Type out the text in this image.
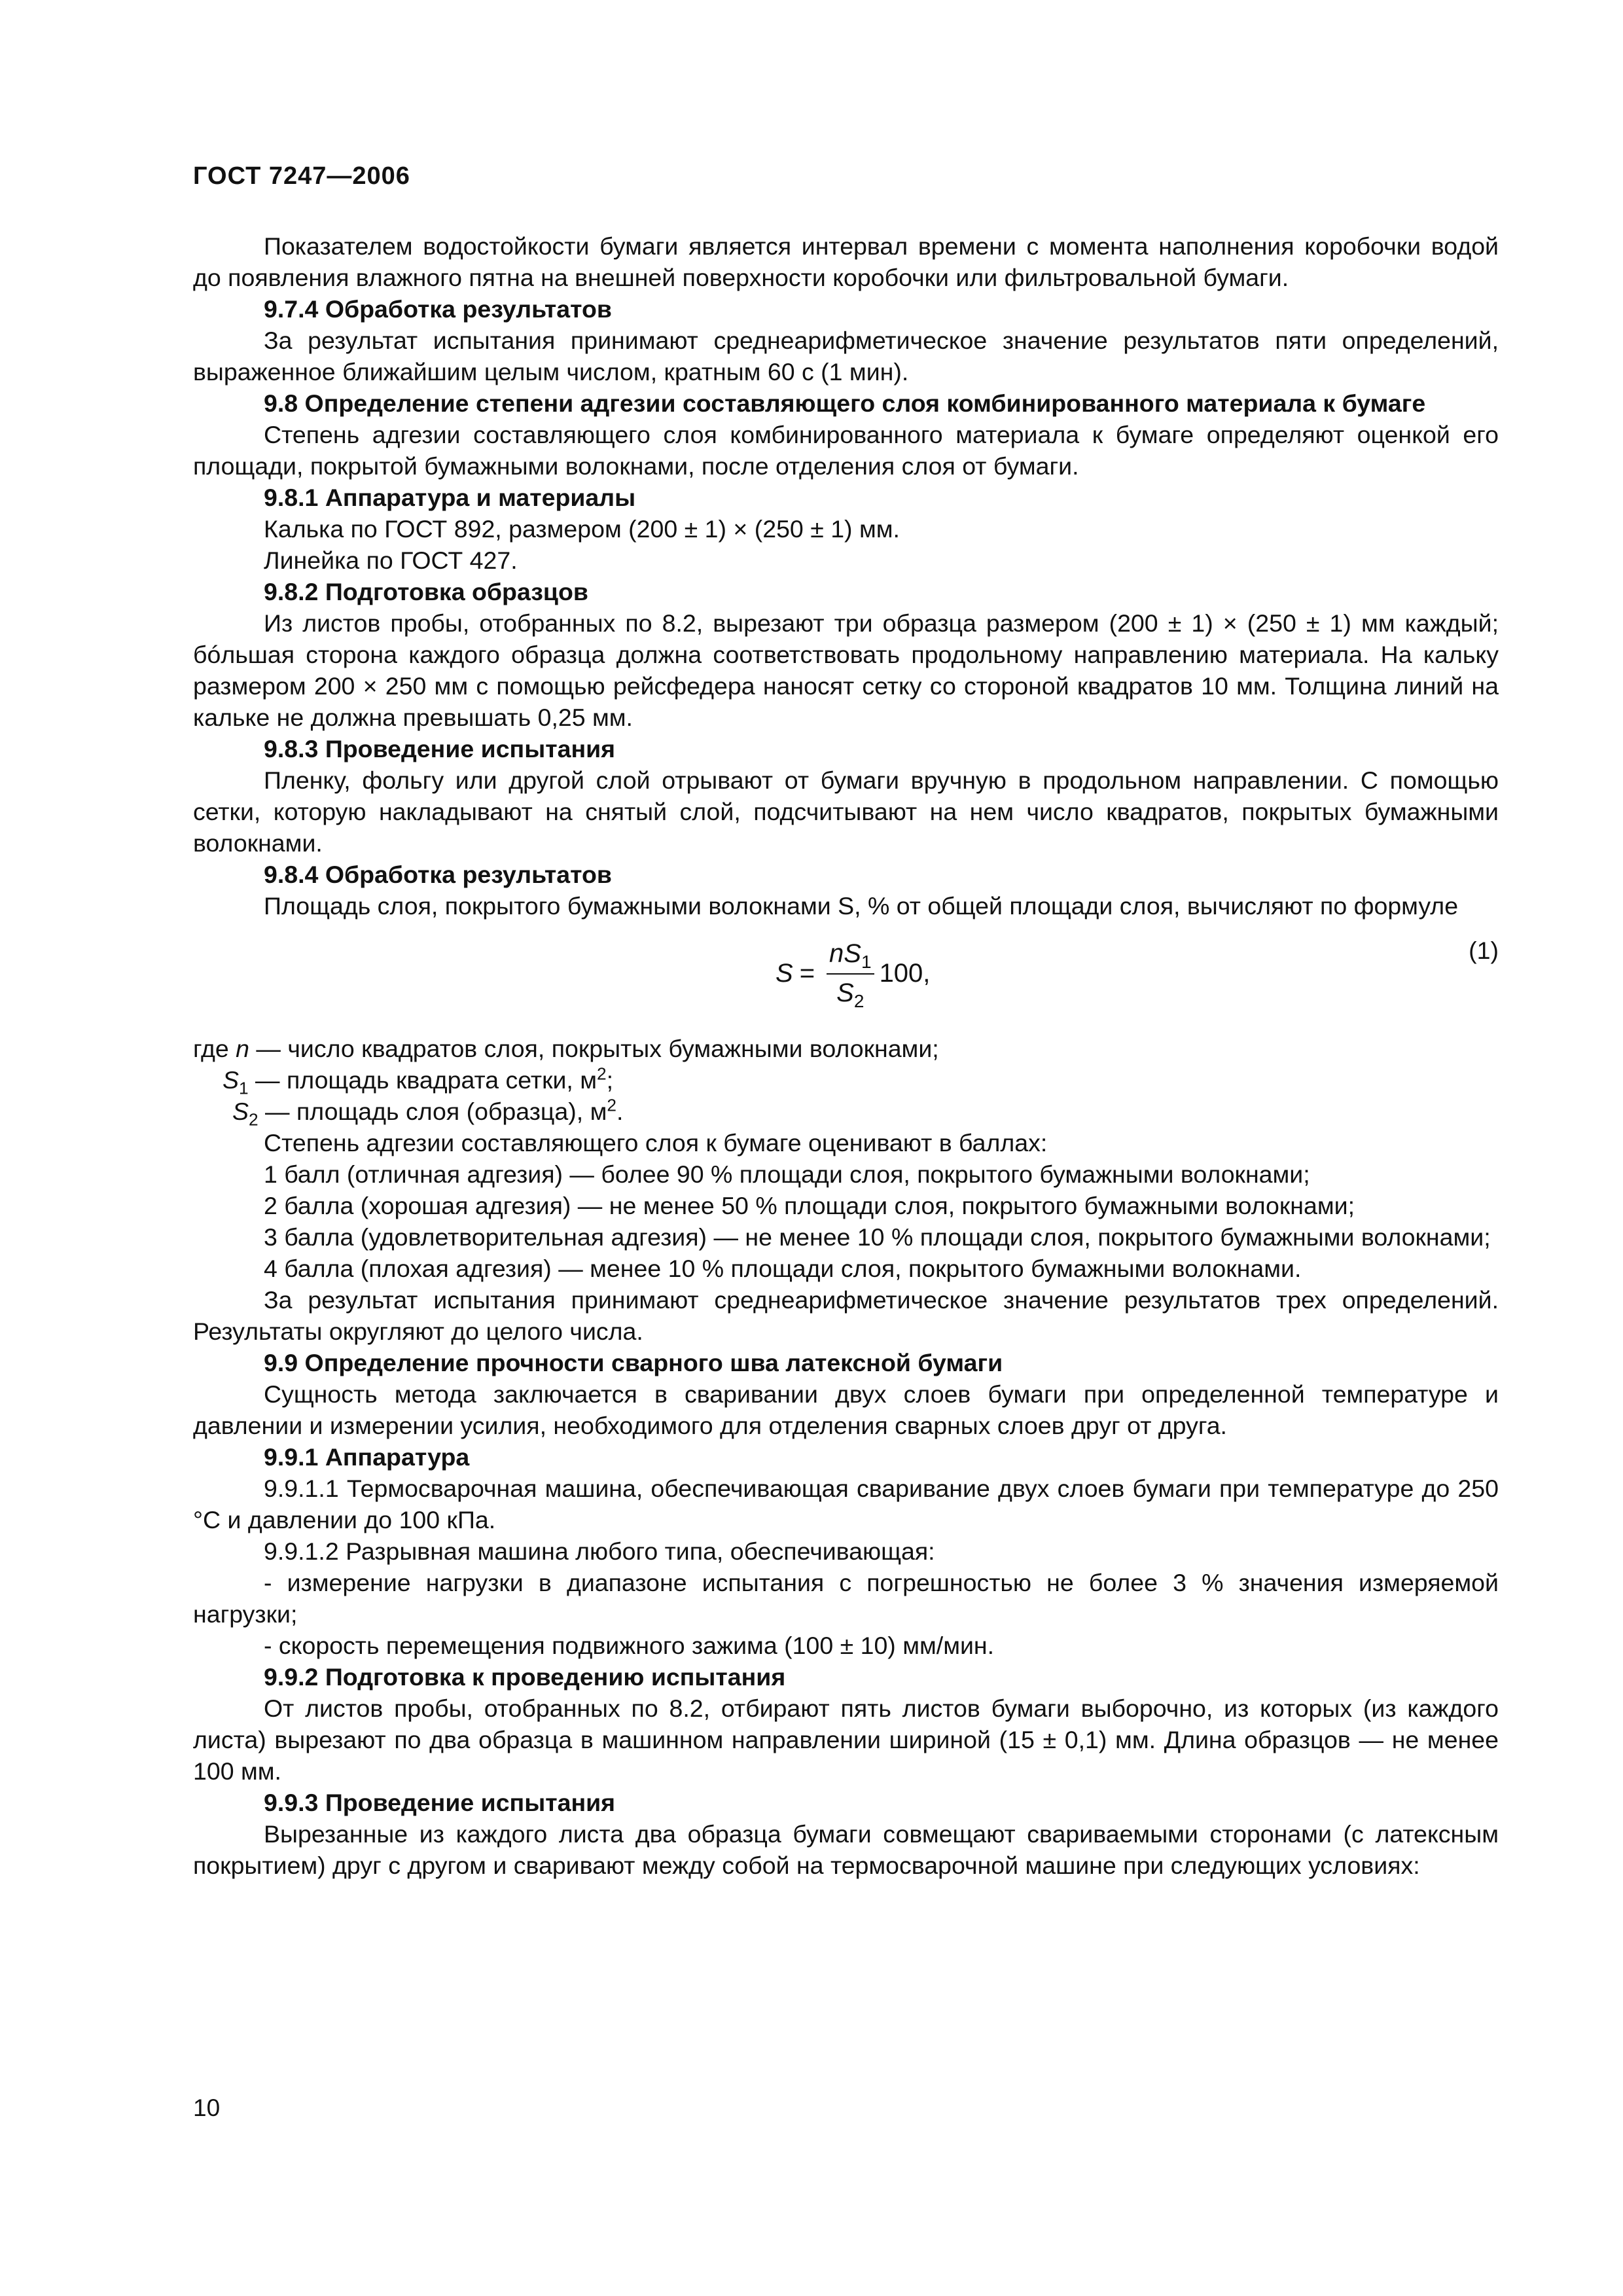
ГОСТ 7247—2006

Показателем водостойкости бумаги является интервал времени с момента наполнения коробочки водой до появления влажного пятна на внешней поверхности коробочки или фильтровальной бумаги.

9.7.4 Обработка результатов

За результат испытания принимают среднеарифметическое значение результатов пяти определений, выраженное ближайшим целым числом, кратным 60 с (1 мин).

9.8 Определение степени адгезии составляющего слоя комбинированного материала к бумаге

Степень адгезии составляющего слоя комбинированного материала к бумаге определяют оценкой его площади, покрытой бумажными волокнами, после отделения слоя от бумаги.

9.8.1 Аппаратура и материалы

Калька по ГОСТ 892, размером (200 ± 1) × (250 ± 1) мм.

Линейка по ГОСТ 427.

9.8.2 Подготовка образцов

Из листов пробы, отобранных по 8.2, вырезают три образца размером (200 ± 1) × (250 ± 1) мм каждый; бóльшая сторона каждого образца должна соответствовать продольному направлению материала. На кальку размером 200 × 250 мм с помощью рейсфедера наносят сетку со стороной квадратов 10 мм. Толщина линий на кальке не должна превышать 0,25 мм.

9.8.3 Проведение испытания

Пленку, фольгу или другой слой отрывают от бумаги вручную в продольном направлении. С помощью сетки, которую накладывают на снятый слой, подсчитывают на нем число квадратов, покрытых бумажными волокнами.

9.8.4 Обработка результатов

Площадь слоя, покрытого бумажными волокнами S, % от общей площади слоя, вычисляют по формуле

$S = \frac{nS_1}{S_2} 100$,
(1)

где n — число квадратов слоя, покрытых бумажными волокнами;

$S_1$ — площадь квадрата сетки, $м^2$;

$S_2$ — площадь слоя (образца), $м^2$.

Степень адгезии составляющего слоя к бумаге оценивают в баллах:

1 балл (отличная адгезия) — более 90 % площади слоя, покрытого бумажными волокнами;

2 балла (хорошая адгезия) — не менее 50 % площади слоя, покрытого бумажными волокнами;

3 балла (удовлетворительная адгезия) — не менее 10 % площади слоя, покрытого бумажными волокнами;

4 балла (плохая адгезия) — менее 10 % площади слоя, покрытого бумажными волокнами.

За результат испытания принимают среднеарифметическое значение результатов трех определений. Результаты округляют до целого числа.

9.9 Определение прочности сварного шва латексной бумаги

Сущность метода заключается в сваривании двух слоев бумаги при определенной температуре и давлении и измерении усилия, необходимого для отделения сварных слоев друг от друга.

9.9.1 Аппаратура

9.9.1.1 Термосварочная машина, обеспечивающая сваривание двух слоев бумаги при температуре до 250 °С и давлении до 100 кПа.

9.9.1.2 Разрывная машина любого типа, обеспечивающая:

- измерение нагрузки в диапазоне испытания с погрешностью не более 3 % значения измеряемой нагрузки;

- скорость перемещения подвижного зажима (100 ± 10) мм/мин.

9.9.2 Подготовка к проведению испытания

От листов пробы, отобранных по 8.2, отбирают пять листов бумаги выборочно, из которых (из каждого листа) вырезают по два образца в машинном направлении шириной (15 ± 0,1) мм. Длина образцов — не менее 100 мм.

9.9.3 Проведение испытания

Вырезанные из каждого листа два образца бумаги совмещают свариваемыми сторонами (с латексным покрытием) друг с другом и сваривают между собой на термосварочной машине при следующих условиях:

10
